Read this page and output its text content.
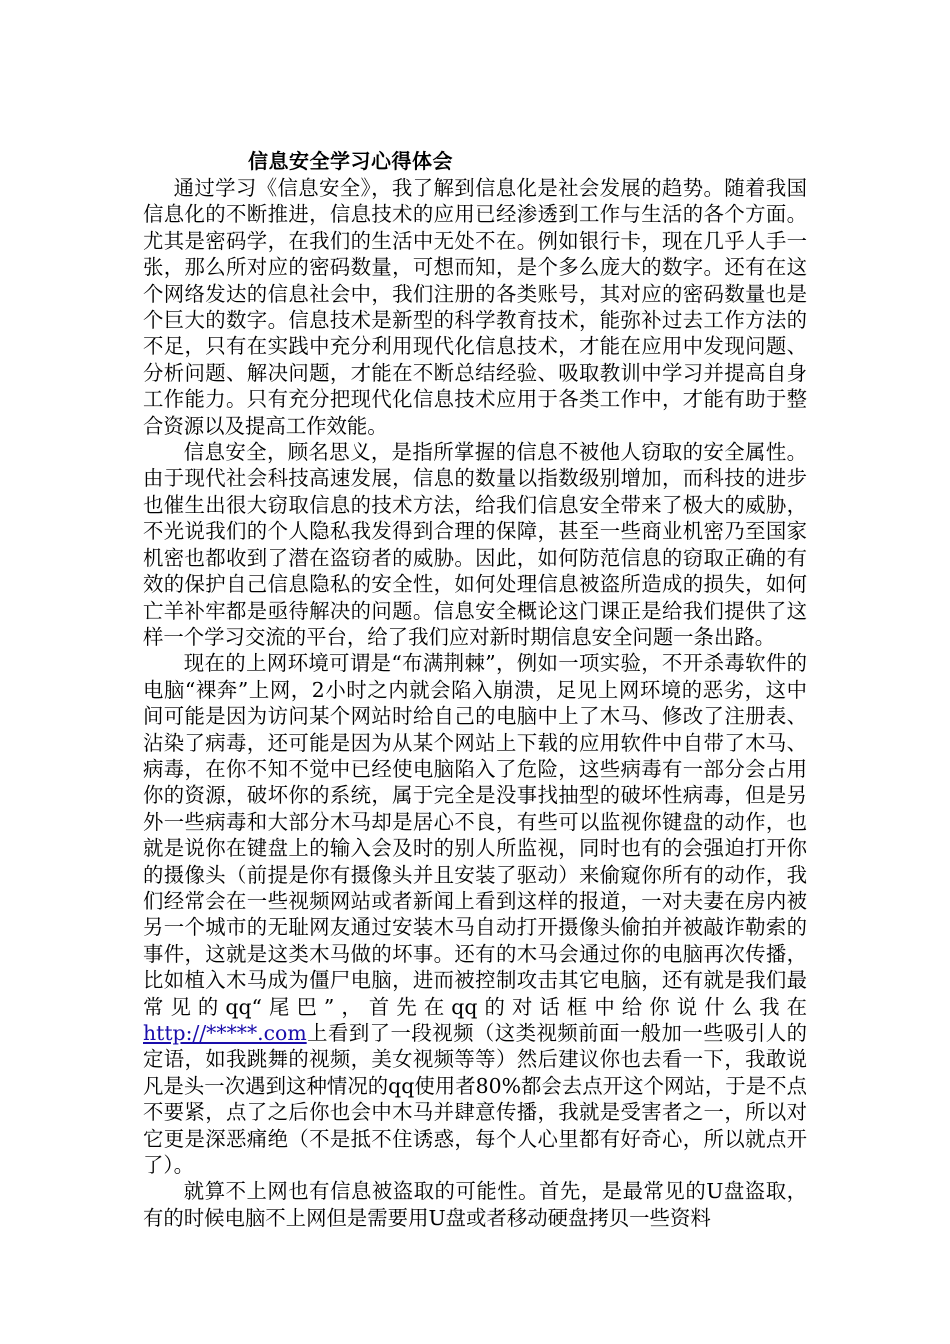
信息安全学习心得体会

通过学习《信息安全》，我了解到信息化是社会发展的趋势。随着我国信息化的不断推进，信息技术的应用已经渗透到工作与生活的各个方面。尤其是密码学，在我们的生活中无处不在。例如银行卡，现在几乎人手一张，那么所对应的密码数量，可想而知，是个多么庞大的数字。还有在这个网络发达的信息社会中，我们注册的各类账号，其对应的密码数量也是个巨大的数字。信息技术是新型的科学教育技术，能弥补过去工作方法的不足，只有在实践中充分利用现代化信息技术，才能在应用中发现问题、分析问题、解决问题，才能在不断总结经验、吸取教训中学习并提高自身工作能力。只有充分把现代化信息技术应用于各类工作中，才能有助于整合资源以及提高工作效能。

信息安全，顾名思义，是指所掌握的信息不被他人窃取的安全属性。由于现代社会科技高速发展，信息的数量以指数级别增加，而科技的进步也催生出很大窃取信息的技术方法，给我们信息安全带来了极大的威胁，不光说我们的个人隐私我发得到合理的保障，甚至一些商业机密乃至国家机密也都收到了潜在盗窃者的威胁。因此，如何防范信息的窃取正确的有效的保护自己信息隐私的安全性，如何处理信息被盗所造成的损失，如何亡羊补牢都是亟待解决的问题。信息安全概论这门课正是给我们提供了这样一个学习交流的平台，给了我们应对新时期信息安全问题一条出路。

现在的上网环境可谓是“布满荆棘”，例如一项实验，不开杀毒软件的电脑“裸奔”上网，2小时之内就会陷入崩溃，足见上网环境的恶劣，这中间可能是因为访问某个网站时给自己的电脑中上了木马、修改了注册表、沾染了病毒，还可能是因为从某个网站上下载的应用软件中自带了木马、病毒，在你不知不觉中已经使电脑陷入了危险，这些病毒有一部分会占用你的资源，破坏你的系统，属于完全是没事找抽型的破坏性病毒，但是另外一些病毒和大部分木马却是居心不良，有些可以监视你键盘的动作，也就是说你在键盘上的输入会及时的别人所监视，同时也有的会强迫打开你的摄像头（前提是你有摄像头并且安装了驱动）来偷窥你所有的动作，我们经常会在一些视频网站或者新闻上看到这样的报道，一对夫妻在房内被另一个城市的无耻网友通过安装木马自动打开摄像头偷拍并被敲诈勒索的事件，这就是这类木马做的坏事。还有的木马会通过你的电脑再次传播，比如植入木马成为僵尸电脑，进而被控制攻击其它电脑，还有就是我们最常见的qq“尾巴”，首先在qq的对话框中给你说什么我在http://*****.com上看到了一段视频（这类视频前面一般加一些吸引人的定语，如我跳舞的视频，美女视频等等）然后建议你也去看一下，我敢说凡是头一次遇到这种情况的qq使用者80%都会去点开这个网站，于是不点不要紧，点了之后你也会中木马并肆意传播，我就是受害者之一，所以对它更是深恶痛绝（不是抵不住诱惑，每个人心里都有好奇心，所以就点开了）。

就算不上网也有信息被盗取的可能性。首先，是最常见的U盘盗取，有的时候电脑不上网但是需要用U盘或者移动硬盘拷贝一些资料
